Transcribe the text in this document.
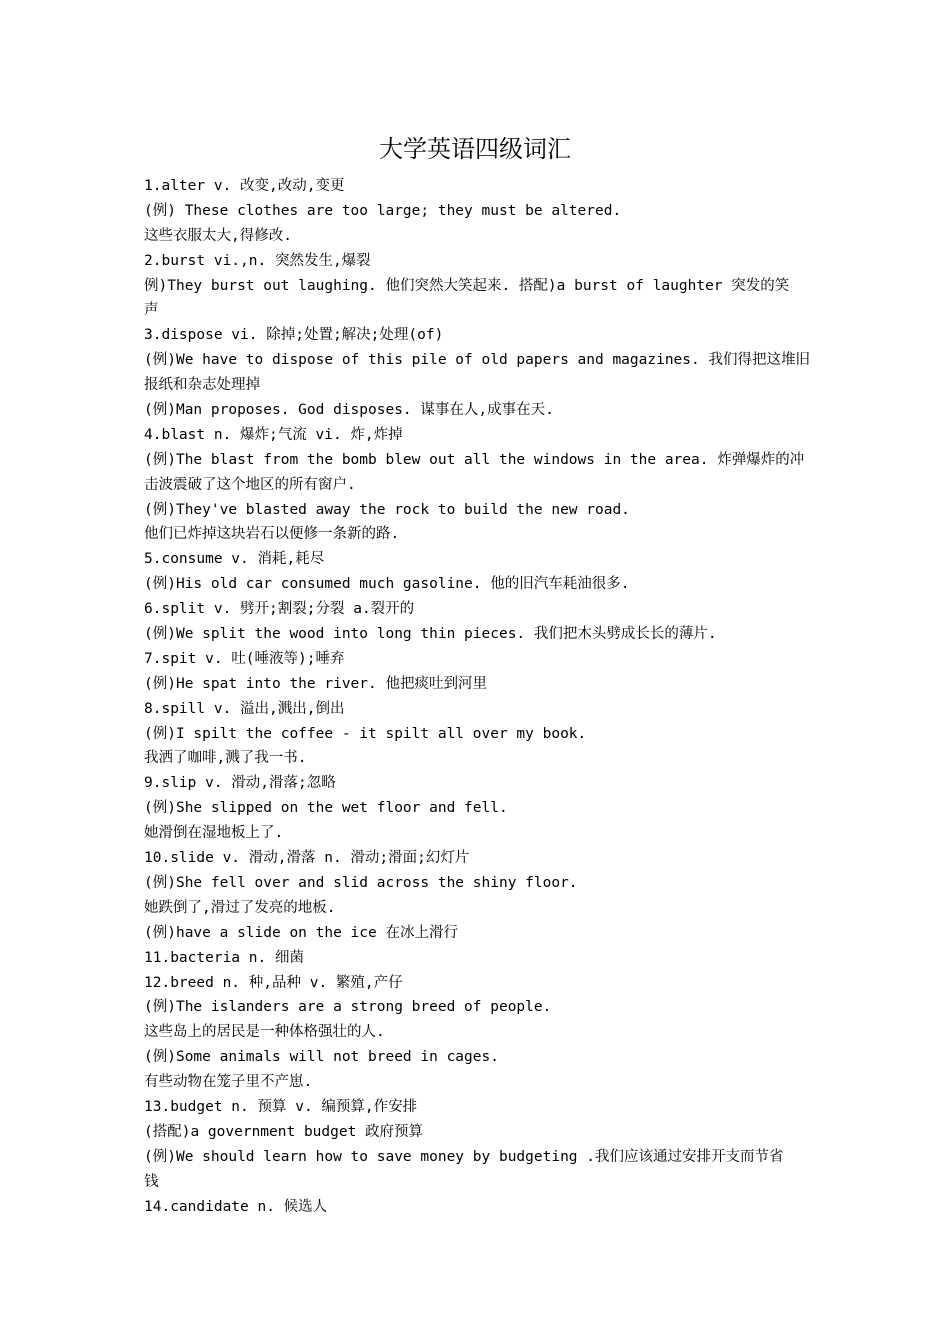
大学英语四级词汇
1.alter v. 改变,改动,变更
(例) These clothes are too large; they must be altered.
这些衣服太大,得修改.
2.burst vi.,n. 突然发生,爆裂
例)They burst out laughing. 他们突然大笑起来. 搭配)a burst of laughter 突发的笑
声
3.dispose vi. 除掉;处置;解决;处理(of)
(例)We have to dispose of this pile of old papers and magazines. 我们得把这堆旧
报纸和杂志处理掉
(例)Man proposes. God disposes. 谋事在人,成事在天.
4.blast n. 爆炸;气流 vi. 炸,炸掉
(例)The blast from the bomb blew out all the windows in the area. 炸弹爆炸的冲
击波震破了这个地区的所有窗户.
(例)They've blasted away the rock to build the new road.
他们已炸掉这块岩石以便修一条新的路.
5.consume v. 消耗,耗尽
(例)His old car consumed much gasoline. 他的旧汽车耗油很多.
6.split v. 劈开;割裂;分裂 a.裂开的
(例)We split the wood into long thin pieces. 我们把木头劈成长长的薄片.
7.spit v. 吐(唾液等);唾弃
(例)He spat into the river. 他把痰吐到河里
8.spill v. 溢出,溅出,倒出
(例)I spilt the coffee - it spilt all over my book.
我洒了咖啡,溅了我一书.
9.slip v. 滑动,滑落;忽略
(例)She slipped on the wet floor and fell.
她滑倒在湿地板上了.
10.slide v. 滑动,滑落 n. 滑动;滑面;幻灯片
(例)She fell over and slid across the shiny floor.
她跌倒了,滑过了发亮的地板.
(例)have a slide on the ice 在冰上滑行
11.bacteria n. 细菌
12.breed n. 种,品种 v. 繁殖,产仔
(例)The islanders are a strong breed of people.
这些岛上的居民是一种体格强壮的人.
(例)Some animals will not breed in cages.
有些动物在笼子里不产崽.
13.budget n. 预算 v. 编预算,作安排
(搭配)a government budget 政府预算
(例)We should learn how to save money by budgeting .我们应该通过安排开支而节省
钱
14.candidate n. 候选人
